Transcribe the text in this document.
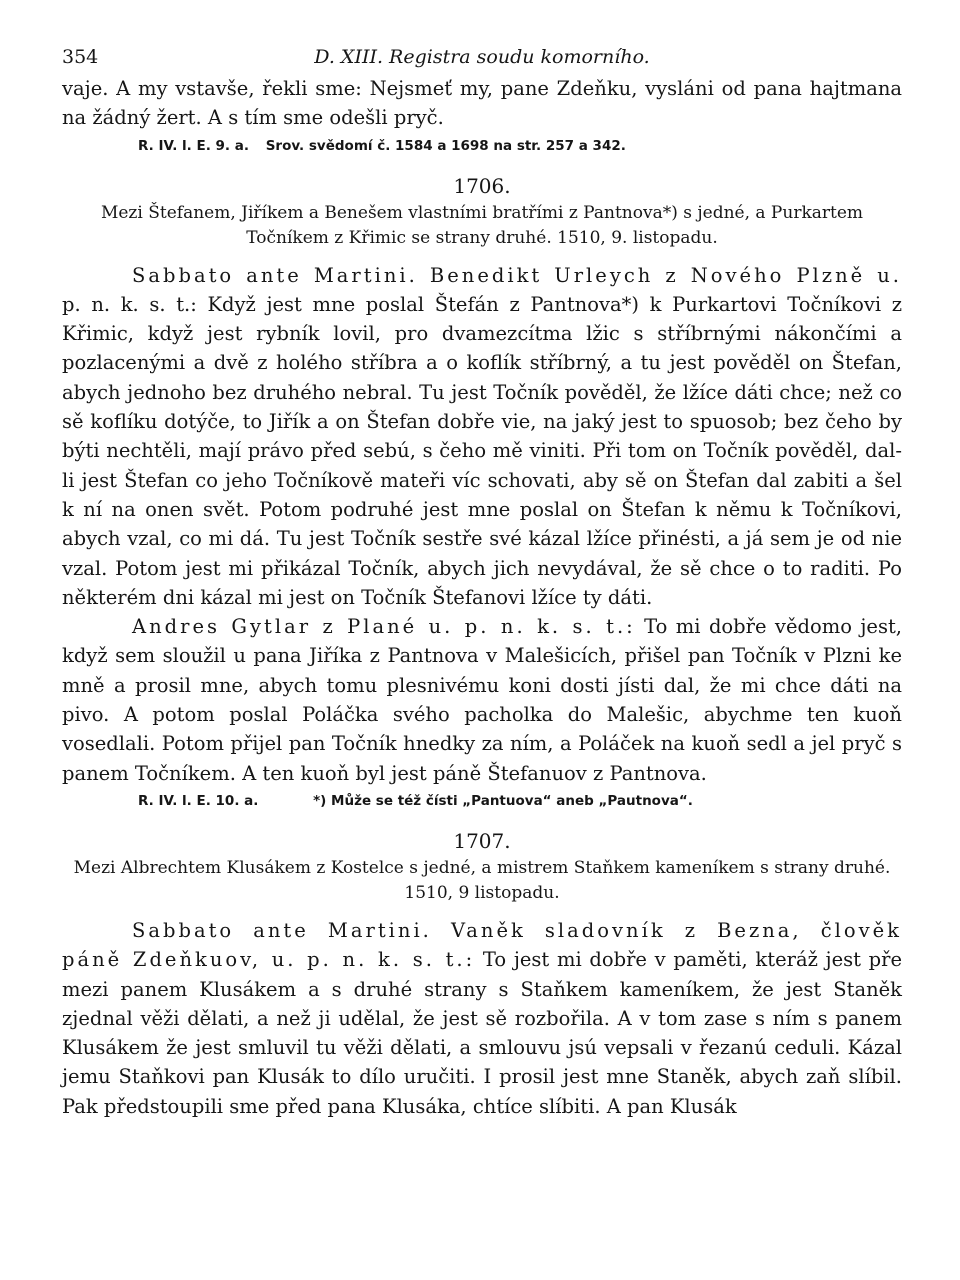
354	D. XIII. Registra soudu komorního.

vaje. A my vstavše, řekli sme: Nejsmeť my, pane Zdeňku, vysláni od pana hajtmana na žádný žert. A s tím sme odešli pryč.

R. IV. l. E. 9. a. Srov. svědomí č. 1584 a 1698 na str. 257 a 342.
1706.
Mezi Štefanem, Jiříkem a Benešem vlastními bratřími z Pantnova*) s jedné, a Purkartem
Točníkem z Křimic se strany druhé. 1510, 9. listopadu.

Sabbato ante Martini. Benedikt Urleych z Nového Plzně u. p. n. k. s. t.: Když jest mne poslal Štefán z Pantnova*) k Purkartovi Točníkovi z Křimic, když jest rybník lovil, pro dvamezcítma lžic s stříbrnými nákončími a pozlacenými a dvě z holého stříbra a o koflík stříbrný, a tu jest pověděl on Štefan, abych jednoho bez druhého nebral. Tu jest Točník pověděl, že lžíce dáti chce; než co sě koflíku dotýče, to Jiřík a on Štefan dobře vie, na jaký jest to spuosob; bez čeho by býti nechtěli, mají právo před sebú, s čeho mě viniti. Při tom on Točník pověděl, dal-li jest Štefan co jeho Točníkově mateři víc schovati, aby sě on Štefan dal zabiti a šel k ní na onen svět. Potom podruhé jest mne poslal on Štefan k němu k Točníkovi, abych vzal, co mi dá. Tu jest Točník sestře své kázal lžíce přinésti, a já sem je od nie vzal. Potom jest mi přikázal Točník, abych jich nevydával, že sě chce o to raditi. Po některém dni kázal mi jest on Točník Štefanovi lžíce ty dáti.

Andres Gytlar z Plané u. p. n. k. s. t.: To mi dobře vědomo jest, když sem sloužil u pana Jiříka z Pantnova v Malešicích, přišel pan Točník v Plzni ke mně a prosil mne, abych tomu plesnivému koni dosti jísti dal, že mi chce dáti na pivo. A potom poslal Poláčka svého pacholka do Malešic, abychme ten kuoň vosedlali. Potom přijel pan Točník hnedky za ním, a Poláček na kuoň sedl a jel pryč s panem Točníkem. A ten kuoň byl jest páně Štefanuov z Pantnova.

R. IV. l. E. 10. a.	*) Může se též čísti „Pantuova“ aneb „Pautnova“.
1707.
Mezi Albrechtem Klusákem z Kostelce s jedné, a mistrem Staňkem kameníkem s strany druhé.
1510, 9 listopadu.

Sabbato ante Martini. Vaněk sladovník z Bezna, člověk páně Zdeňkuov, u. p. n. k. s. t.: To jest mi dobře v paměti, kteráž jest pře mezi panem Klusákem a s druhé strany s Staňkem kameníkem, že jest Staněk zjednal věži dělati, a než ji udělal, že jest sě rozbořila. A v tom zase s ním s panem Klusákem že jest smluvil tu věži dělati, a smlouvu jsú vepsali v řezanú ceduli. Kázal jemu Staňkovi pan Klusák to dílo uručiti. I prosil jest mne Staněk, abych zaň slíbil. Pak předstoupili sme před pana Klusáka, chtíce slíbiti. A pan Klusák
